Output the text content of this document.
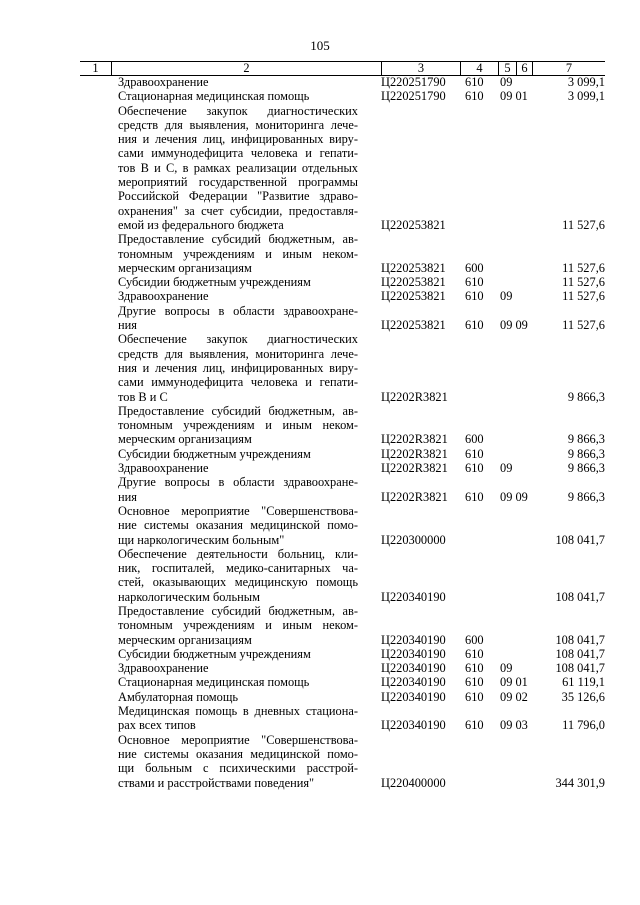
105
1	2	3	4	5 6	7
Здравоохранение	Ц220251790 610 09	3 099,1
Стационарная медицинская помощь	Ц220251790 610 09 01	3 099,1
Обеспечение закупок диагностических
средств для выявления, мониторинга лече-
ния и лечения лиц, инфицированных виру-
сами иммунодефицита человека и гепати-
тов В и С, в рамках реализации отдельных
мероприятий государственной программы
Российской Федерации "Развитие здраво-
охранения" за счет субсидии, предоставля-
емой из федерального бюджета	Ц220253821	11 527,6
Предоставление субсидий бюджетным, ав-
тономным учреждениям и иным неком-
мерческим организациям	Ц220253821 600	11 527,6
Субсидии бюджетным учреждениям	Ц220253821 610	11 527,6
Здравоохранение	Ц220253821 610 09	11 527,6
Другие вопросы в области здравоохране-
ния	Ц220253821 610 09 09	11 527,6
Обеспечение закупок диагностических
средств для выявления, мониторинга лече-
ния и лечения лиц, инфицированных виру-
сами иммунодефицита человека и гепати-
тов В и С	Ц2202R3821	9 866,3
Предоставление субсидий бюджетным, ав-
тономным учреждениям и иным неком-
мерческим организациям	Ц2202R3821 600	9 866,3
Субсидии бюджетным учреждениям	Ц2202R3821 610	9 866,3
Здравоохранение	Ц2202R3821 610 09	9 866,3
Другие вопросы в области здравоохране-
ния	Ц2202R3821 610 09 09	9 866,3
Основное мероприятие "Совершенствова-
ние системы оказания медицинской помо-
щи наркологическим больным"	Ц220300000	108 041,7
Обеспечение деятельности больниц, кли-
ник, госпиталей, медико-санитарных ча-
стей, оказывающих медицинскую помощь
наркологическим больным	Ц220340190	108 041,7
Предоставление субсидий бюджетным, ав-
тономным учреждениям и иным неком-
мерческим организациям	Ц220340190 600	108 041,7
Субсидии бюджетным учреждениям	Ц220340190 610	108 041,7
Здравоохранение	Ц220340190 610 09	108 041,7
Стационарная медицинская помощь	Ц220340190 610 09 01	61 119,1
Амбулаторная помощь	Ц220340190 610 09 02	35 126,6
Медицинская помощь в дневных стациона-
рах всех типов	Ц220340190 610 09 03	11 796,0
Основное мероприятие "Совершенствова-
ние системы оказания медицинской помо-
щи больным с психическими расстрой-
ствами и расстройствами поведения"	Ц220400000	344 301,9
